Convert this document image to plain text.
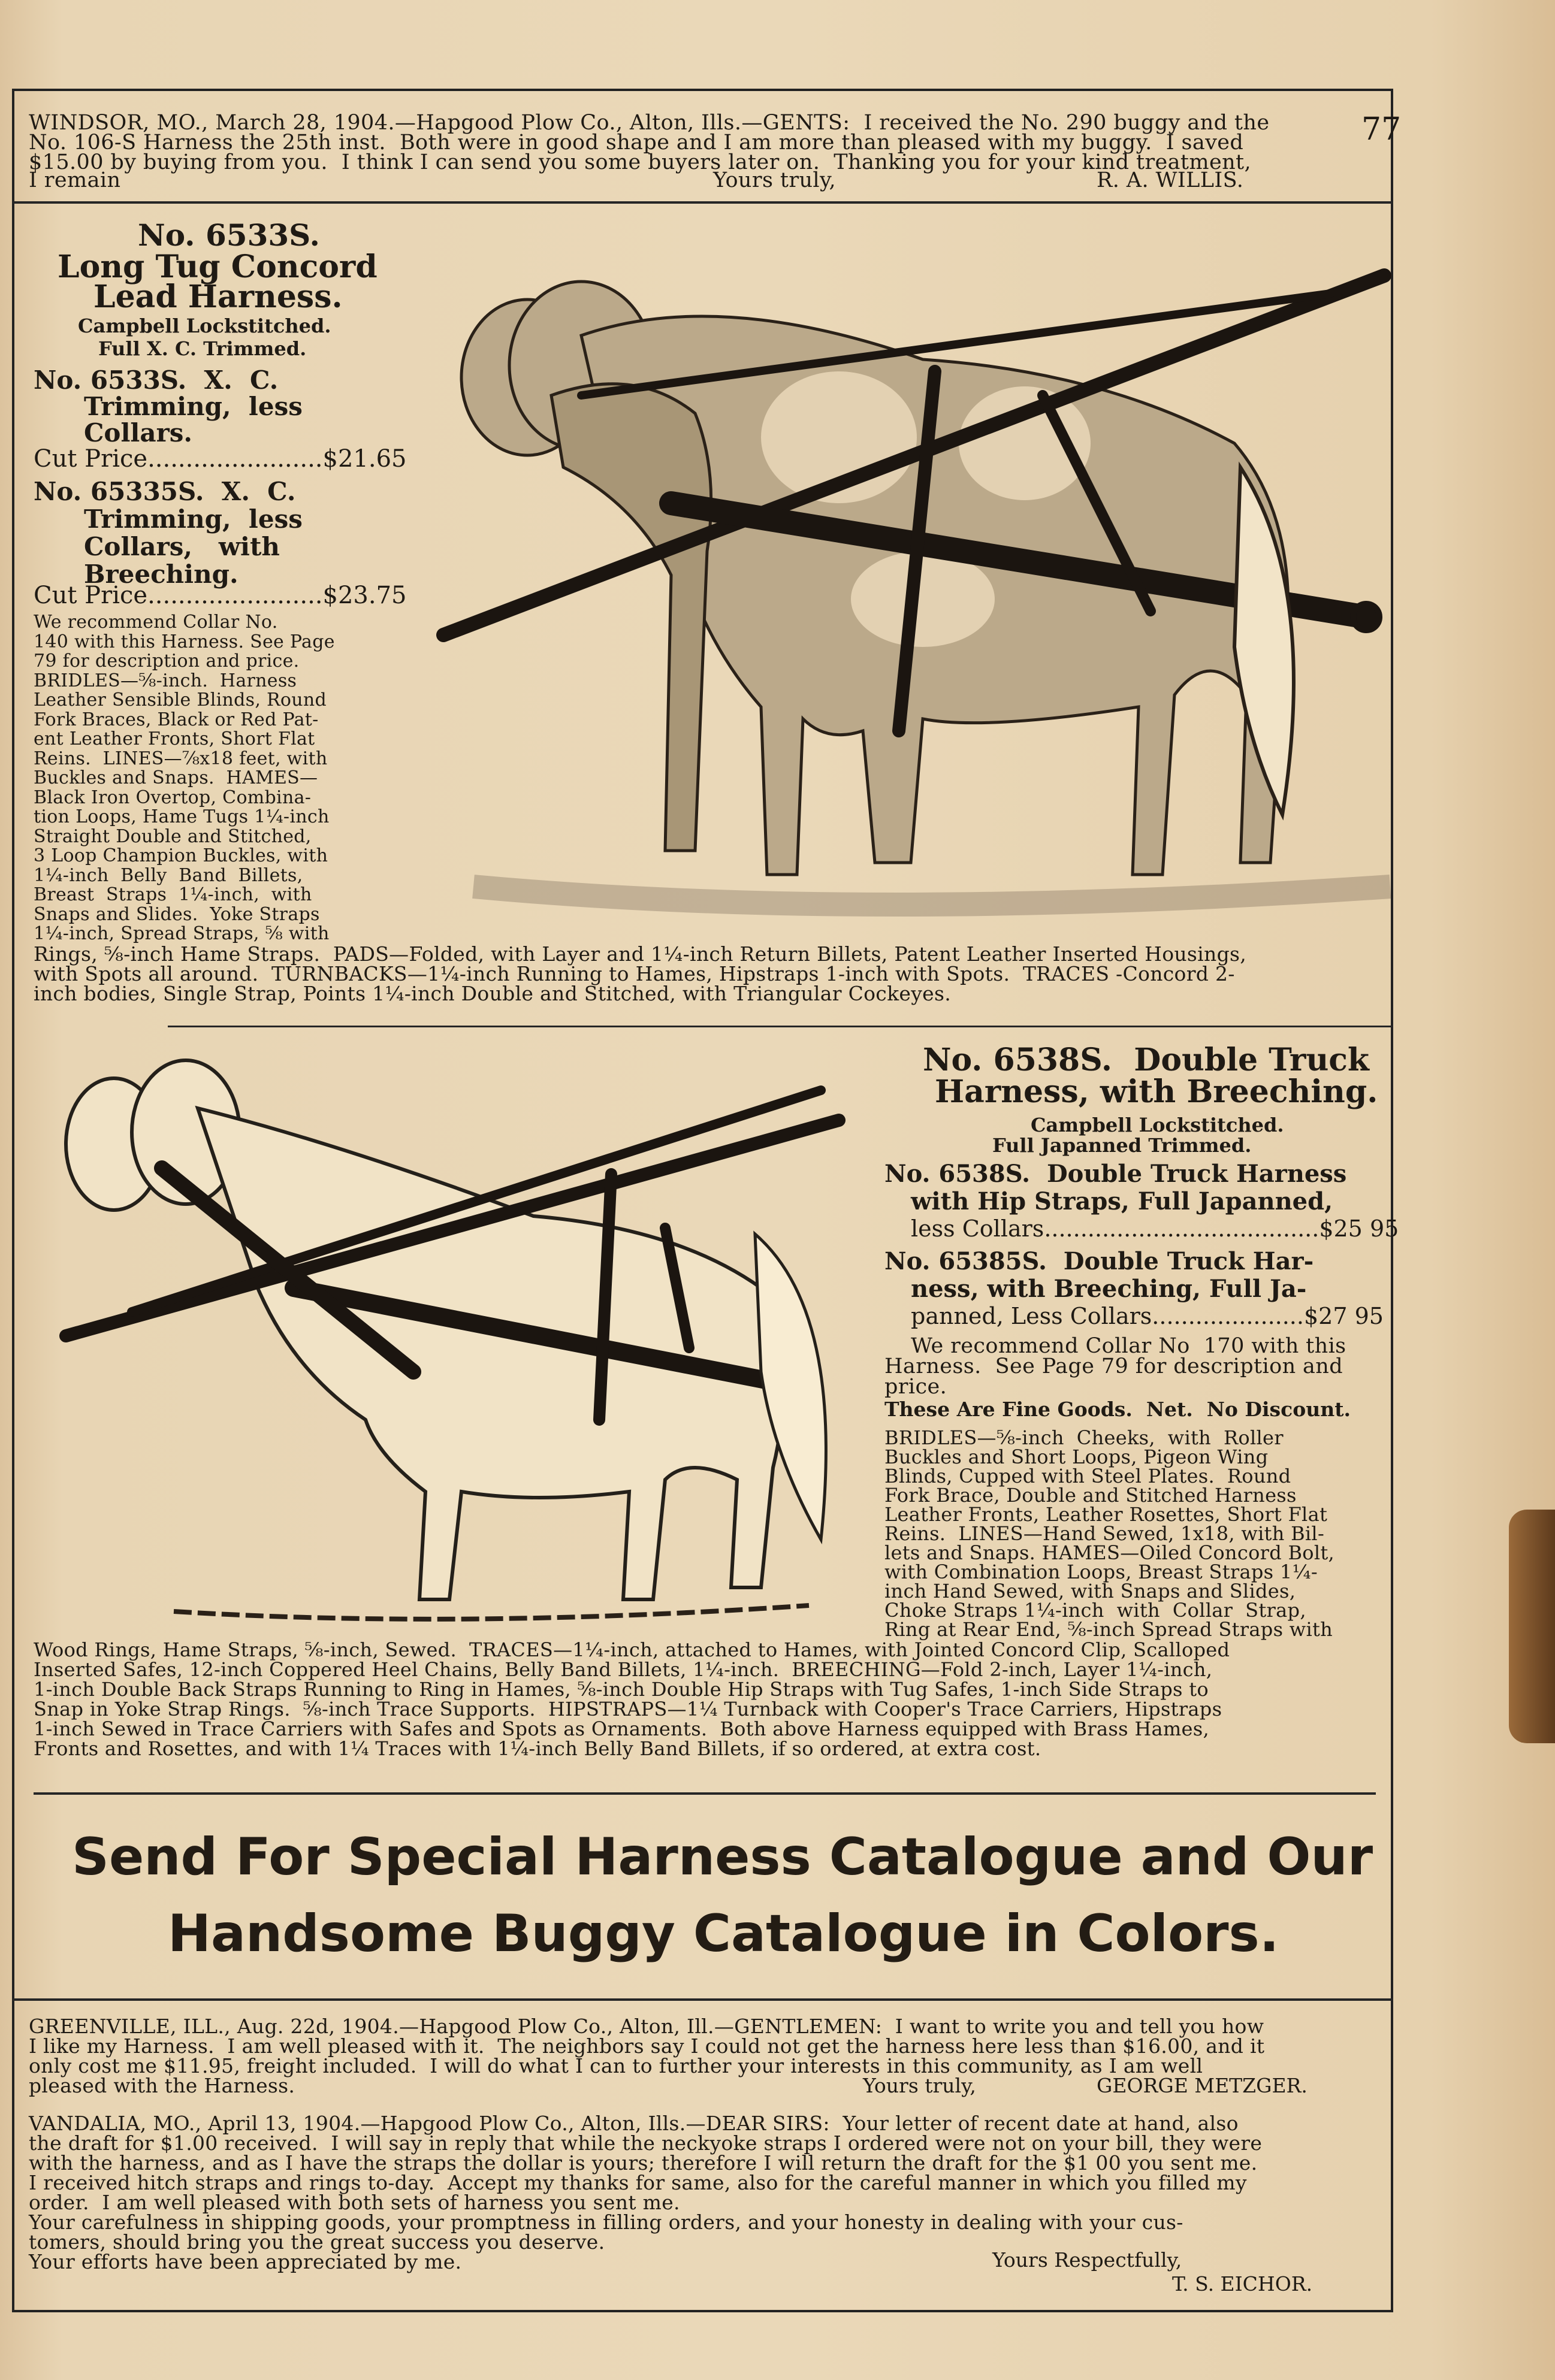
77
WINDSOR, MO., March 28, 1904.—Hapgood Plow Co., Alton, Ills.—GENTS:  I received the No. 290 buggy and the
No. 106-S Harness the 25th inst.  Both were in good shape and I am more than pleased with my buggy.  I saved
$15.00 by buying from you.  I think I can send you some buyers later on.  Thanking you for your kind treatment,
I remain	Yours truly,	R. A. WILLIS.
No. 6533S.
Long Tug Concord
Lead Harness.
Campbell Lockstitched.
Full X. C. Trimmed.
No. 6533S.  X.  C.
Trimming,  less
Collars.
Cut Price.......................$21.65
No. 65335S.  X.  C.
Trimming,  less
Collars,   with
Breeching.
Cut Price.......................$23.75
We recommend Collar No.
140 with this Harness. See Page
79 for description and price.
BRIDLES—⅝-inch.  Harness
Leather Sensible Blinds, Round
Fork Braces, Black or Red Pat-
ent Leather Fronts, Short Flat
Reins.  LINES—⅞x18 feet, with
Buckles and Snaps.  HAMES—
Black Iron Overtop, Combina-
tion Loops, Hame Tugs 1¼-inch
Straight Double and Stitched,
3 Loop Champion Buckles, with
1¼-inch  Belly  Band  Billets,
Breast  Straps  1¼-inch,  with
Snaps and Slides.  Yoke Straps
1¼-inch, Spread Straps, ⅝ with
Rings, ⅝-inch Hame Straps.  PADS—Folded, with Layer and 1¼-inch Return Billets, Patent Leather Inserted Housings,
with Spots all around.  TURNBACKS—1¼-inch Running to Hames, Hipstraps 1-inch with Spots.  TRACES -Concord 2-
inch bodies, Single Strap, Points 1¼-inch Double and Stitched, with Triangular Cockeyes.
No. 6538S.  Double Truck
Harness, with Breeching.
Campbell Lockstitched.
Full Japanned Trimmed.
No. 6538S.  Double Truck Harness
with Hip Straps, Full Japanned,
less Collars......................................$25 95
No. 65385S.  Double Truck Har-
ness, with Breeching, Full Ja-
panned, Less Collars.....................$27 95
We recommend Collar No  170 with this
Harness.  See Page 79 for description and
price.
These Are Fine Goods.  Net.  No Discount.
BRIDLES—⅝-inch  Cheeks,  with  Roller
Buckles and Short Loops, Pigeon Wing
Blinds, Cupped with Steel Plates.  Round
Fork Brace, Double and Stitched Harness
Leather Fronts, Leather Rosettes, Short Flat
Reins.  LINES—Hand Sewed, 1x18, with Bil-
lets and Snaps. HAMES—Oiled Concord Bolt,
with Combination Loops, Breast Straps 1¼-
inch Hand Sewed, with Snaps and Slides,
Choke Straps 1¼-inch  with  Collar  Strap,
Ring at Rear End, ⅝-inch Spread Straps with
Wood Rings, Hame Straps, ⅝-inch, Sewed.  TRACES—1¼-inch, attached to Hames, with Jointed Concord Clip, Scalloped
Inserted Safes, 12-inch Coppered Heel Chains, Belly Band Billets, 1¼-inch.  BREECHING—Fold 2-inch, Layer 1¼-inch,
1-inch Double Back Straps Running to Ring in Hames, ⅝-inch Double Hip Straps with Tug Safes, 1-inch Side Straps to
Snap in Yoke Strap Rings.  ⅝-inch Trace Supports.  HIPSTRAPS—1¼ Turnback with Cooper's Trace Carriers, Hipstraps
1-inch Sewed in Trace Carriers with Safes and Spots as Ornaments.  Both above Harness equipped with Brass Hames,
Fronts and Rosettes, and with 1¼ Traces with 1¼-inch Belly Band Billets, if so ordered, at extra cost.
Send For Special Harness Catalogue and Our
Handsome Buggy Catalogue in Colors.
GREENVILLE, ILL., Aug. 22d, 1904.—Hapgood Plow Co., Alton, Ill.—GENTLEMEN:  I want to write you and tell you how
I like my Harness.  I am well pleased with it.  The neighbors say I could not get the harness here less than $16.00, and it
only cost me $11.95, freight included.  I will do what I can to further your interests in this community, as I am well
pleased with the Harness.	Yours truly,	GEORGE METZGER.
VANDALIA, MO., April 13, 1904.—Hapgood Plow Co., Alton, Ills.—DEAR SIRS:  Your letter of recent date at hand, also
the draft for $1.00 received.  I will say in reply that while the neckyoke straps I ordered were not on your bill, they were
with the harness, and as I have the straps the dollar is yours; therefore I will return the draft for the $1 00 you sent me.
I received hitch straps and rings to-day.  Accept my thanks for same, also for the careful manner in which you filled my
order.  I am well pleased with both sets of harness you sent me.
Your carefulness in shipping goods, your promptness in filling orders, and your honesty in dealing with your cus-
tomers, should bring you the great success you deserve.
Your efforts have been appreciated by me.	Yours Respectfully,
T. S. EICHOR.
